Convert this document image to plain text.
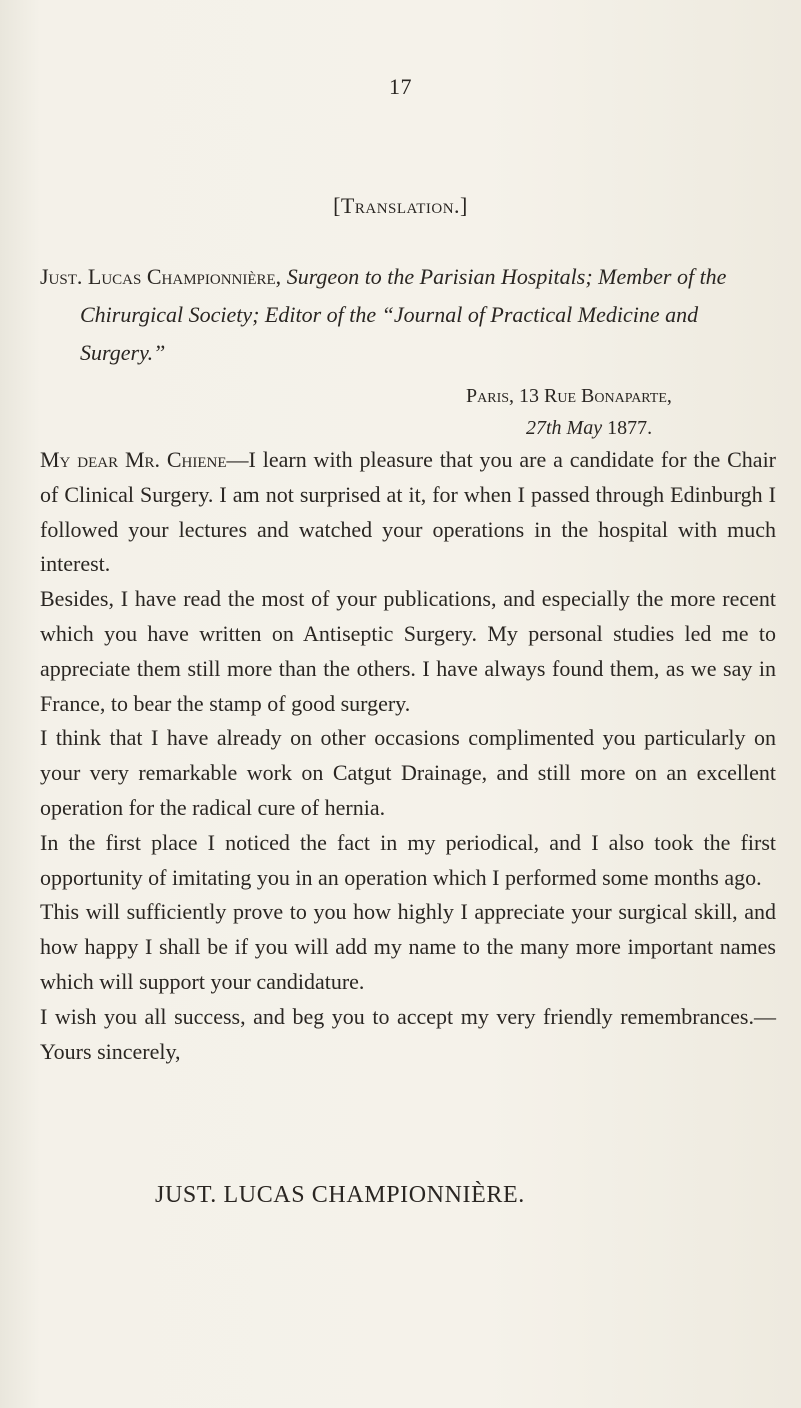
17
[Translation.]
Just. Lucas Championnière, Surgeon to the Parisian Hospitals; Member of the Chirurgical Society; Editor of the “Journal of Practical Medicine and Surgery.”
Paris, 13 Rue Bonaparte,
27th May 1877.

My dear Mr. Chiene—I learn with pleasure that you are a candidate for the Chair of Clinical Surgery. I am not surprised at it, for when I passed through Edinburgh I followed your lectures and watched your operations in the hospital with much interest.

Besides, I have read the most of your publications, and especially the more recent which you have written on Antiseptic Surgery. My personal studies led me to appreciate them still more than the others. I have always found them, as we say in France, to bear the stamp of good surgery.

I think that I have already on other occasions complimented you particularly on your very remarkable work on Catgut Drainage, and still more on an excellent operation for the radical cure of hernia.

In the first place I noticed the fact in my periodical, and I also took the first opportunity of imitating you in an operation which I performed some months ago.

This will sufficiently prove to you how highly I appreciate your surgical skill, and how happy I shall be if you will add my name to the many more important names which will support your candidature.

I wish you all success, and beg you to accept my very friendly remembrances.—Yours sincerely,

JUST. LUCAS CHAMPIONNIÈRE.
